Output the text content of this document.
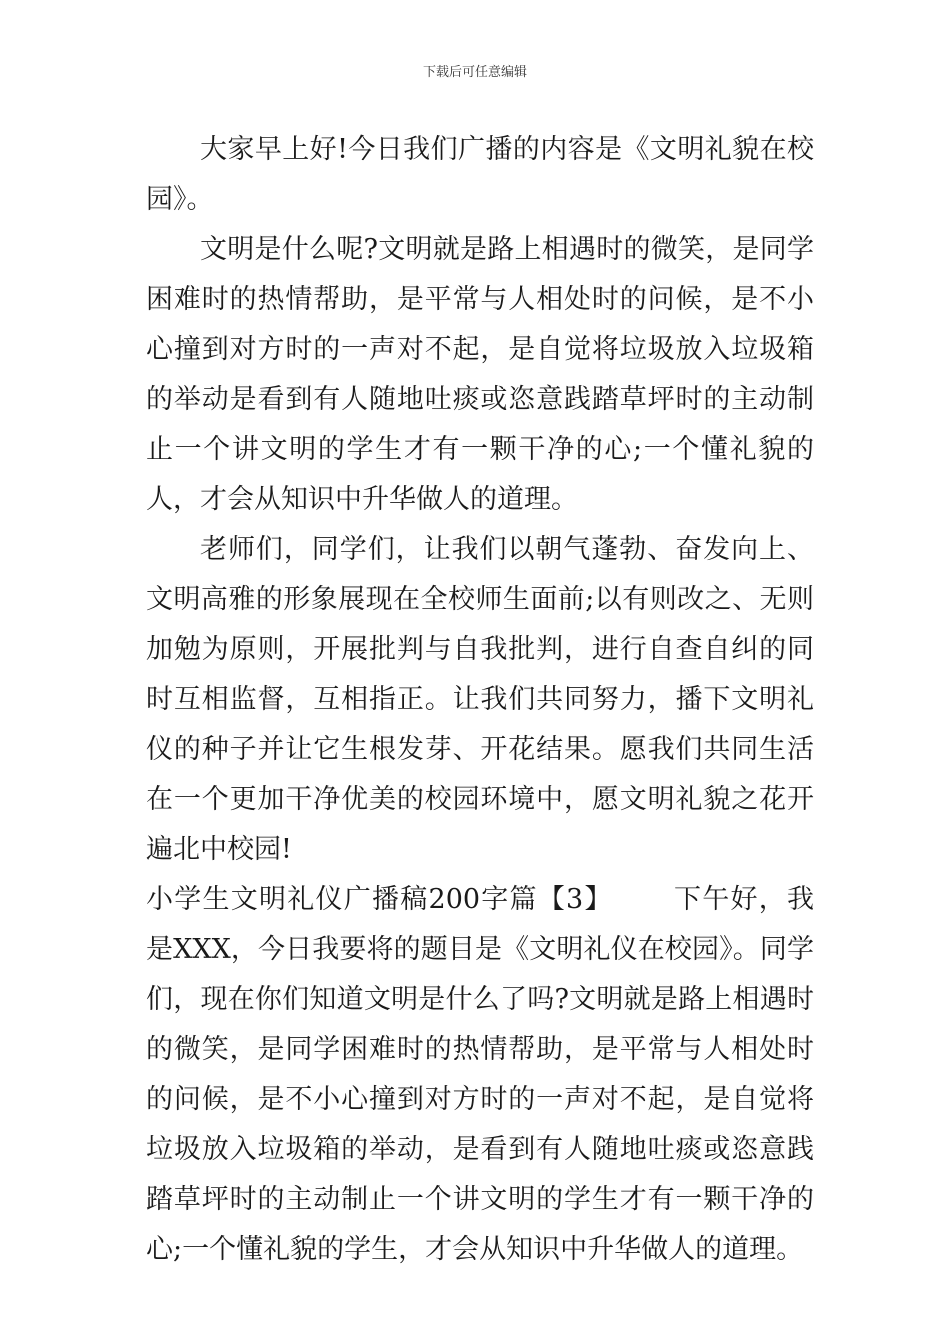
下载后可任意编辑

大家早上好!今日我们广播的内容是《文明礼貌在校园》。

文明是什么呢?文明就是路上相遇时的微笑，是同学困难时的热情帮助，是平常与人相处时的问候，是不小心撞到对方时的一声对不起，是自觉将垃圾放入垃圾箱的举动是看到有人随地吐痰或恣意践踏草坪时的主动制止一个讲文明的学生才有一颗干净的心;一个懂礼貌的人，才会从知识中升华做人的道理。

老师们，同学们，让我们以朝气蓬勃、奋发向上、文明高雅的形象展现在全校师生面前;以有则改之、无则加勉为原则，开展批判与自我批判，进行自查自纠的同时互相监督，互相指正。让我们共同努力，播下文明礼仪的种子并让它生根发芽、开花结果。愿我们共同生活在一个更加干净优美的校园环境中，愿文明礼貌之花开遍北中校园!

小学生文明礼仪广播稿200字篇【3】 下午好，我是XXX，今日我要将的题目是《文明礼仪在校园》。同学们，现在你们知道文明是什么了吗?文明就是路上相遇时的微笑，是同学困难时的热情帮助，是平常与人相处时的问候，是不小心撞到对方时的一声对不起，是自觉将垃圾放入垃圾箱的举动，是看到有人随地吐痰或恣意践踏草坪时的主动制止一个讲文明的学生才有一颗干净的心;一个懂礼貌的学生，才会从知识中升华做人的道理。
